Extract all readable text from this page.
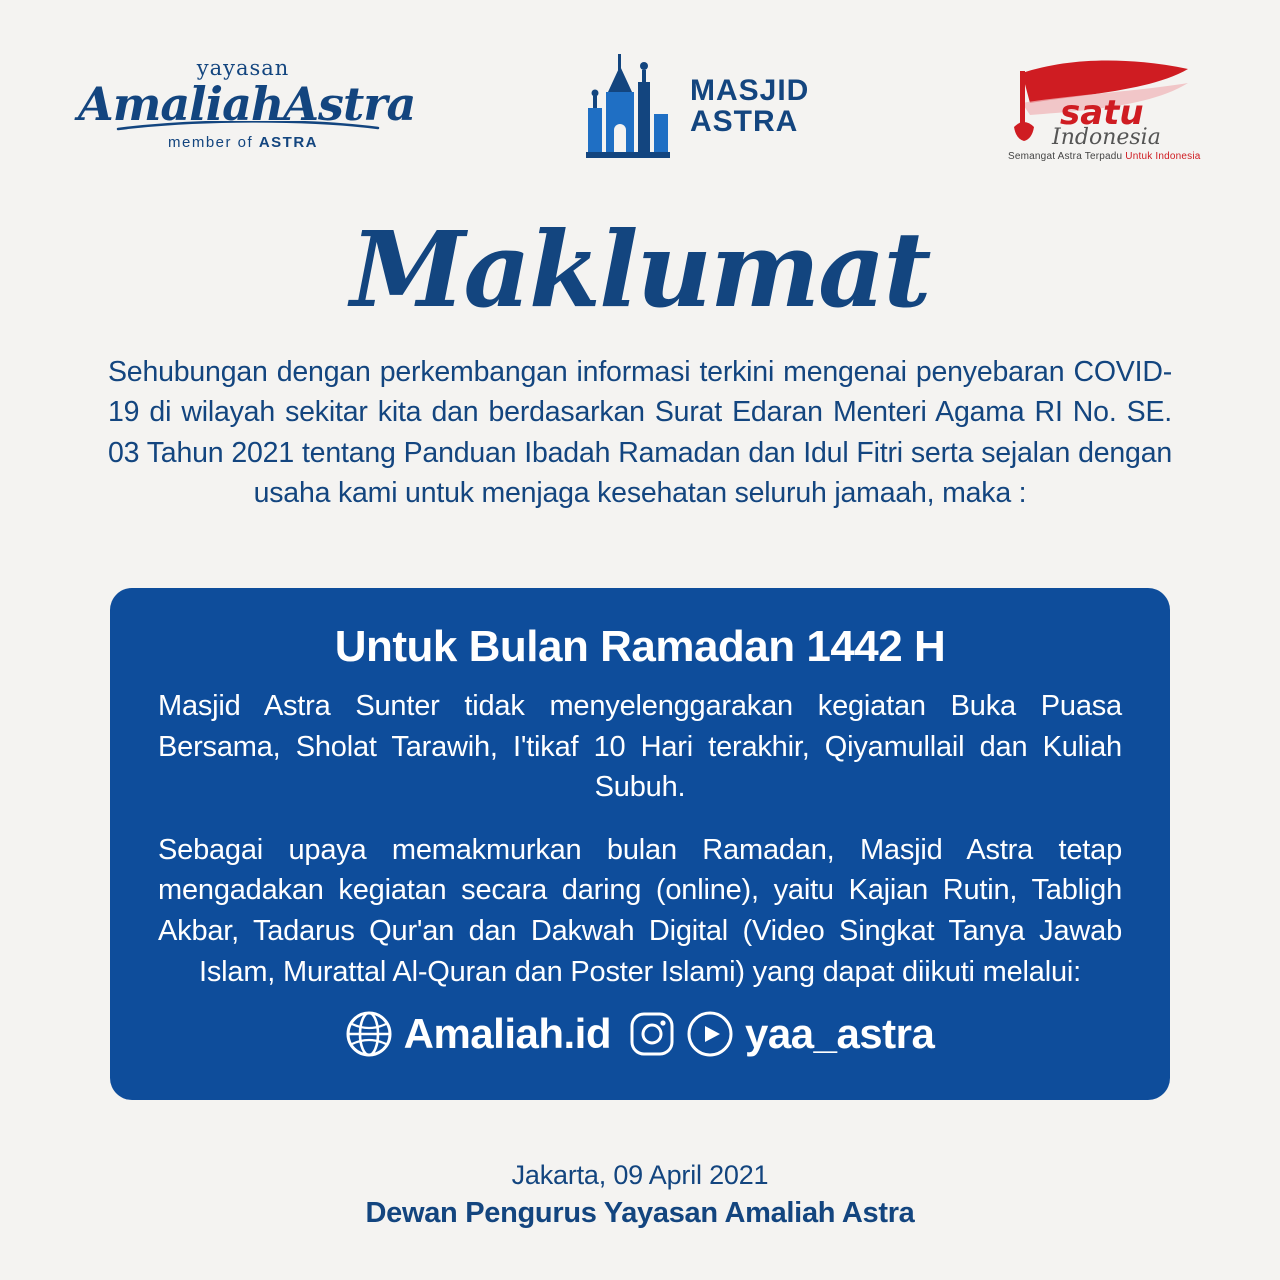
yayasan
AmaliahAstra
member of ASTRA
MASJID
ASTRA	satu
Indonesia
Semangat Astra Terpadu Untuk Indonesia
Maklumat
Sehubungan dengan perkembangan informasi terkini mengenai penyebaran COVID-19 di wilayah sekitar kita dan berdasarkan Surat Edaran Menteri Agama RI No. SE. 03 Tahun 2021 tentang Panduan Ibadah Ramadan dan Idul Fitri serta sejalan dengan usaha kami untuk menjaga kesehatan seluruh jamaah, maka :
Untuk Bulan Ramadan 1442 H

Masjid Astra Sunter tidak menyelenggarakan kegiatan Buka Puasa Bersama, Sholat Tarawih, I'tikaf 10 Hari terakhir, Qiyamullail dan Kuliah Subuh.

Sebagai upaya memakmurkan bulan Ramadan, Masjid Astra tetap mengadakan kegiatan secara daring (online), yaitu Kajian Rutin, Tabligh Akbar, Tadarus Qur'an dan Dakwah Digital (Video Singkat Tanya Jawab Islam, Murattal Al-Quran dan Poster Islami) yang dapat diikuti melalui:

Amaliah.id	yaa_astra
Jakarta, 09 April 2021
Dewan Pengurus Yayasan Amaliah Astra
